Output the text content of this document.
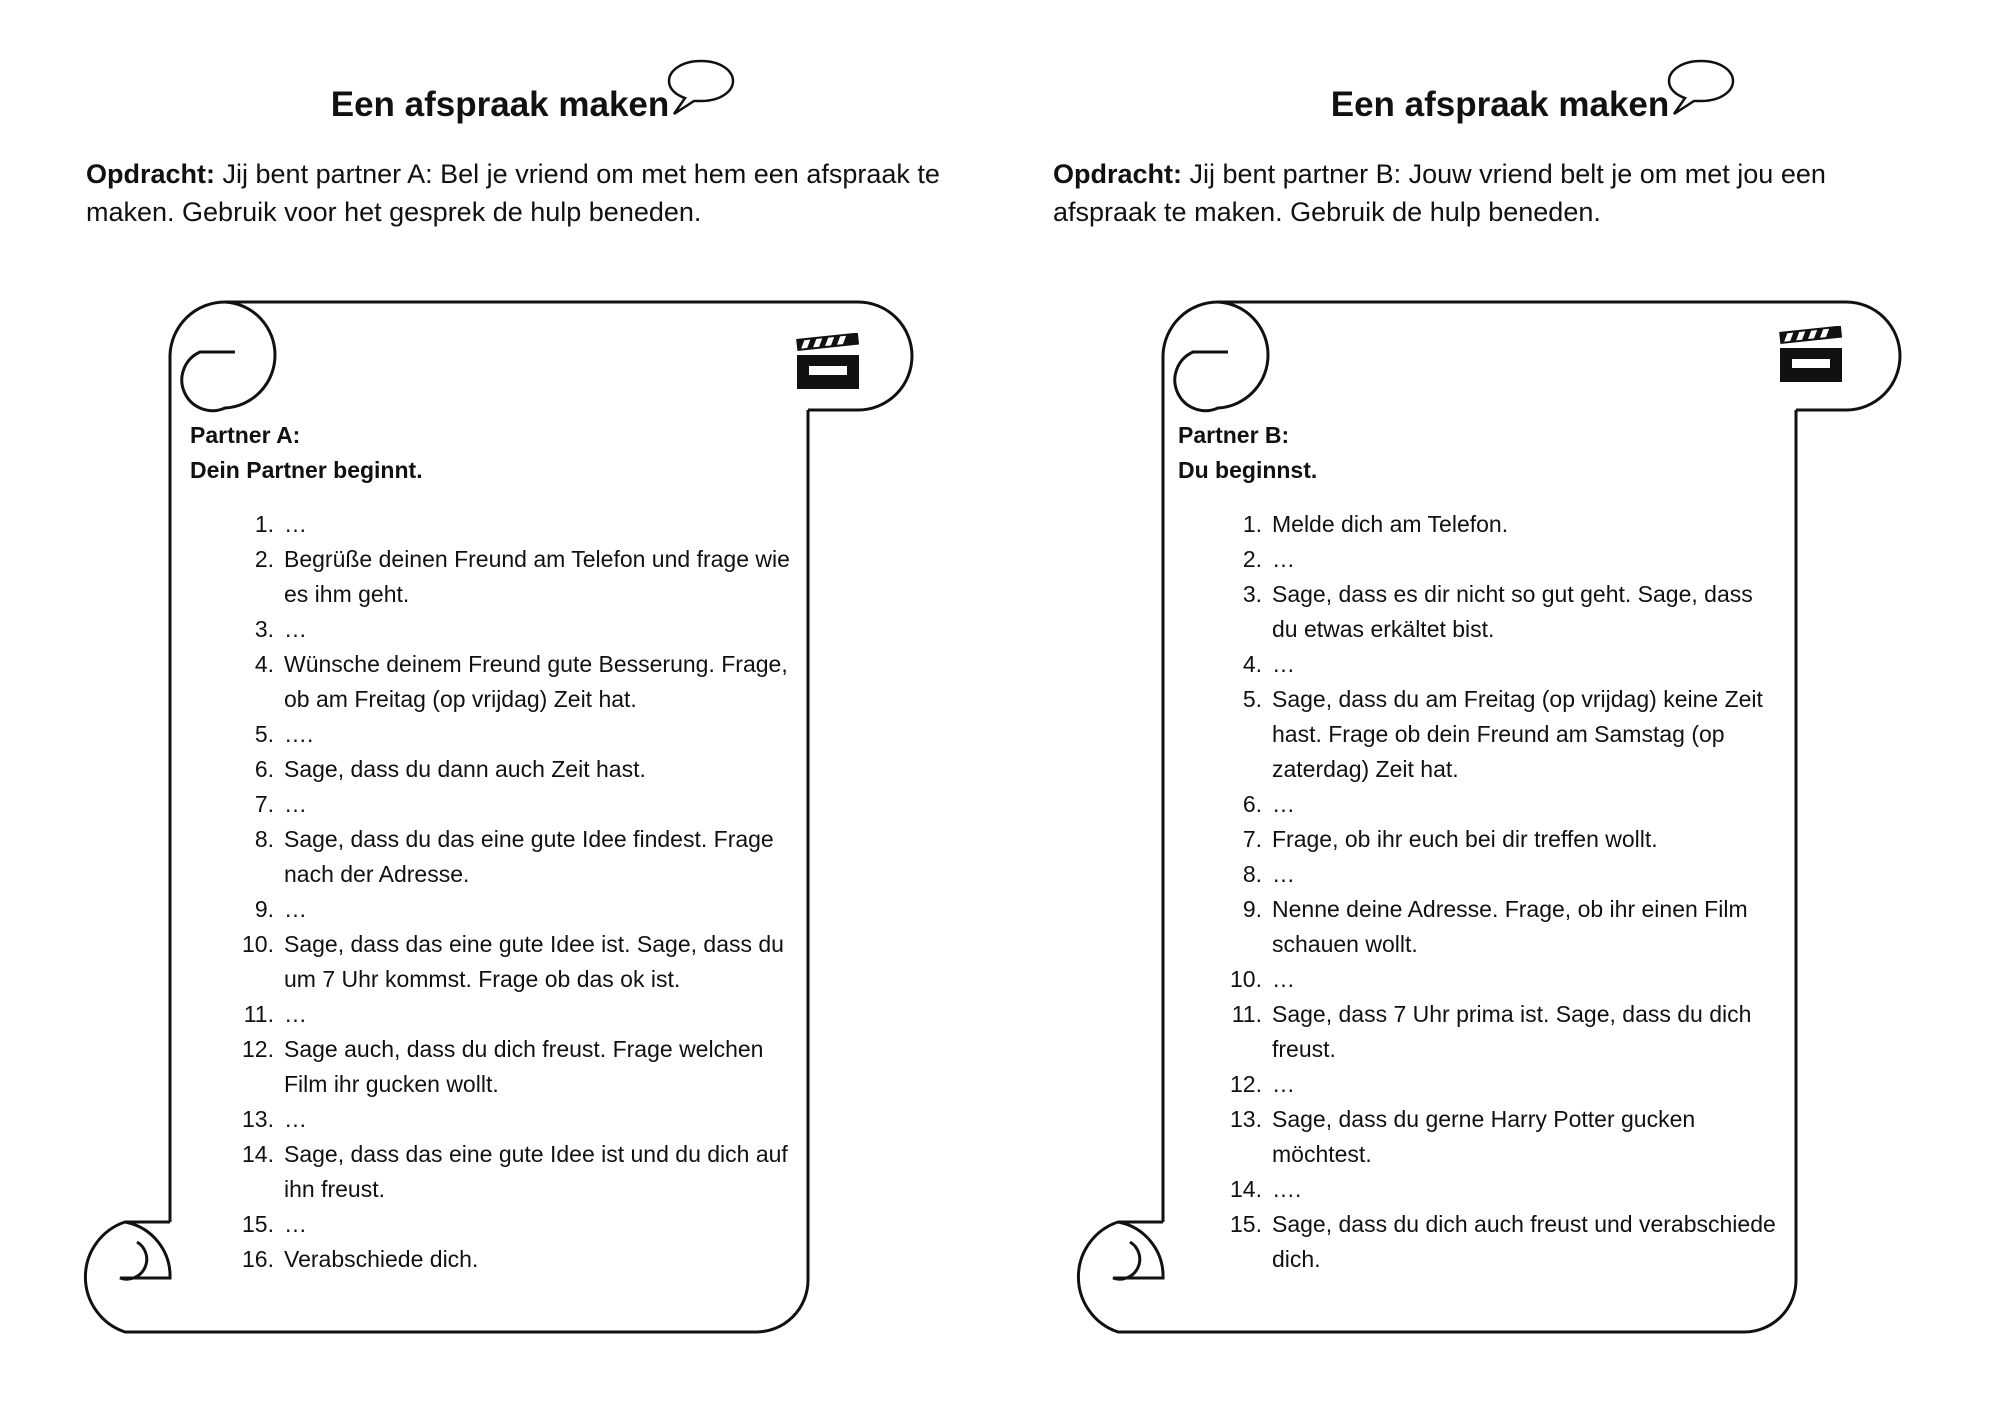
Een afspraak maken

Opdracht: Jij bent partner A: Bel je vriend om met hem een afspraak te maken. Gebruik voor het gesprek de hulp beneden.

Partner A:

Dein Partner beginnt.

1. …
2. Begrüße deinen Freund am Telefon und frage wie es ihm geht.
3. …
4. Wünsche deinem Freund gute Besserung. Frage, ob am Freitag (op vrijdag) Zeit hat.
5. ….
6. Sage, dass du dann auch Zeit hast.
7. …
8. Sage, dass du das eine gute Idee findest. Frage nach der Adresse.
9. …
10. Sage, dass das eine gute Idee ist. Sage, dass du um 7 Uhr kommst. Frage ob das ok ist.
11. …
12. Sage auch, dass du dich freust. Frage welchen Film ihr gucken wollt.
13. …
14. Sage, dass das eine gute Idee ist und du dich auf ihn freust.
15. …
16. Verabschiede dich.
Een afspraak maken

Opdracht: Jij bent partner B: Jouw vriend belt je om met jou een afspraak te maken. Gebruik de hulp beneden.

Partner B:

Du beginnst.

1. Melde dich am Telefon.
2. …
3. Sage, dass es dir nicht so gut geht. Sage, dass du etwas erkältet bist.
4. …
5. Sage, dass du am Freitag (op vrijdag) keine Zeit hast. Frage ob dein Freund am Samstag (op zaterdag) Zeit hat.
6. …
7. Frage, ob ihr euch bei dir treffen wollt.
8. …
9. Nenne deine Adresse. Frage, ob ihr einen Film schauen wollt.
10. …
11. Sage, dass 7 Uhr prima ist. Sage, dass du dich freust.
12. …
13. Sage, dass du gerne Harry Potter gucken möchtest.
14. ….
15. Sage, dass du dich auch freust und verabschiede dich.
